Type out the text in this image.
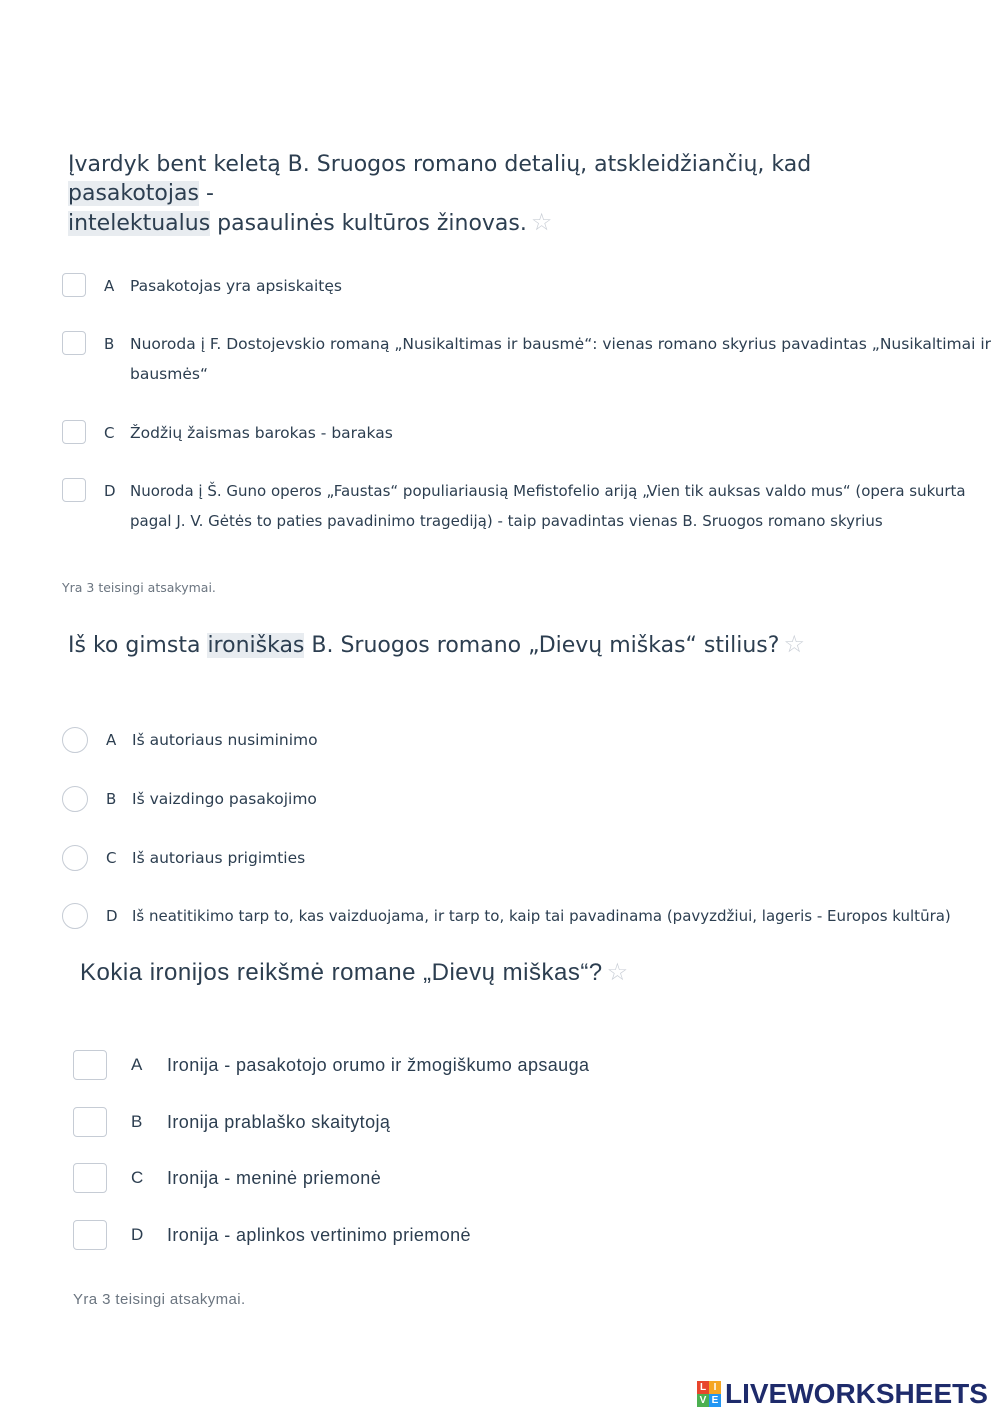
Įvardyk bent keletą B. Sruogos romano detalių, atskleidžiančių, kad pasakotojas -
intelektualus pasaulinės kultūros žinovas. ☆
A	Pasakotojas yra apsiskaitęs
B	Nuoroda į F. Dostojevskio romaną „Nusikaltimas ir bausmė“: vienas romano skyrius pavadintas „Nusikaltimai ir
bausmės“
C	Žodžių žaismas barokas - barakas
D Nuoroda į Š. Guno operos „Faustas“ populiariausią Mefistofelio ariją „Vien tik auksas valdo mus“ (opera sukurta
pagal J. V. Gėtės to paties pavadinimo tragediją) - taip pavadintas vienas B. Sruogos romano skyrius
Yra 3 teisingi atsakymai.
Iš ko gimsta ironiškas B. Sruogos romano „Dievų miškas“ stilius? ☆
A	Iš autoriaus nusiminimo
B	Iš vaizdingo pasakojimo
C	Iš autoriaus prigimties
D Iš neatitikimo tarp to, kas vaizduojama, ir tarp to, kaip tai pavadinama (pavyzdžiui, lageris - Europos kultūra)
Kokia ironijos reikšmė romane „Dievų miškas“? ☆
A	Ironija - pasakotojo orumo ir žmogiškumo apsauga
B	Ironija prablaško skaitytoją
C	Ironija - meninė priemonė
D	Ironija - aplinkos vertinimo priemonė
Yra 3 teisingi atsakymai.
L I
V E LIVEWORKSHEETS
